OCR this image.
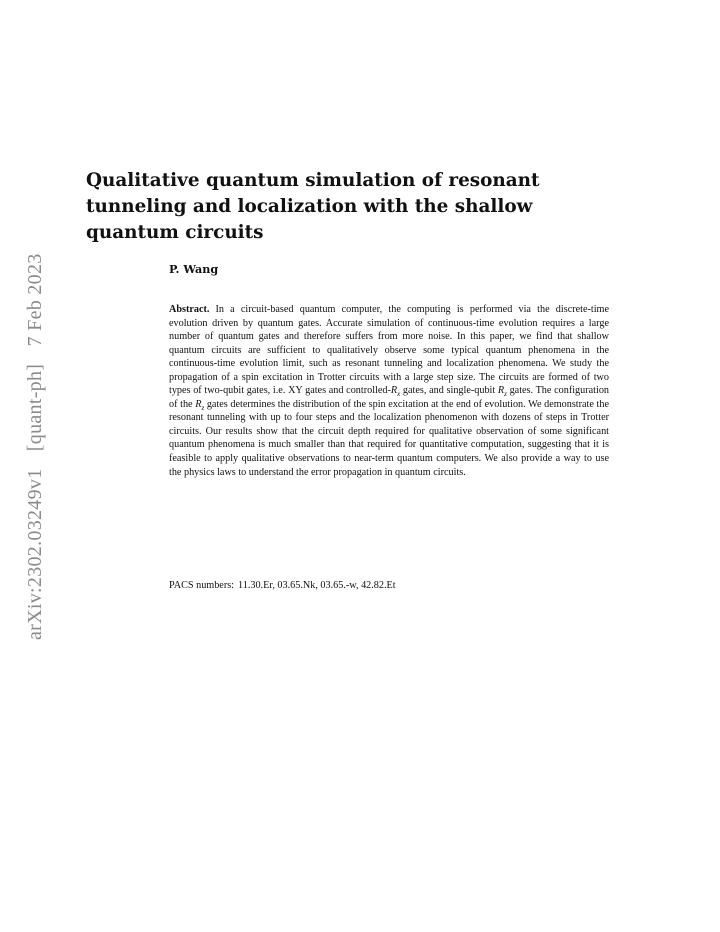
arXiv:2302.03249v1 [quant-ph] 7 Feb 2023
Qualitative quantum simulation of resonant tunneling and localization with the shallow quantum circuits
P. Wang

Abstract. In a circuit-based quantum computer, the computing is performed via the discrete-time evolution driven by quantum gates. Accurate simulation of continuous-time evolution requires a large number of quantum gates and therefore suffers from more noise. In this paper, we find that shallow quantum circuits are sufficient to qualitatively observe some typical quantum phenomena in the continuous-time evolution limit, such as resonant tunneling and localization phenomena. We study the propagation of a spin excitation in Trotter circuits with a large step size. The circuits are formed of two types of two-qubit gates, i.e. XY gates and controlled-$R_x$ gates, and single-qubit $R_z$ gates. The configuration of the $R_z$ gates determines the distribution of the spin excitation at the end of evolution. We demonstrate the resonant tunneling with up to four steps and the localization phenomenon with dozens of steps in Trotter circuits. Our results show that the circuit depth required for qualitative observation of some significant quantum phenomena is much smaller than that required for quantitative computation, suggesting that it is feasible to apply qualitative observations to near-term quantum computers. We also provide a way to use the physics laws to understand the error propagation in quantum circuits.

PACS numbers: 11.30.Er, 03.65.Nk, 03.65.-w, 42.82.Et
